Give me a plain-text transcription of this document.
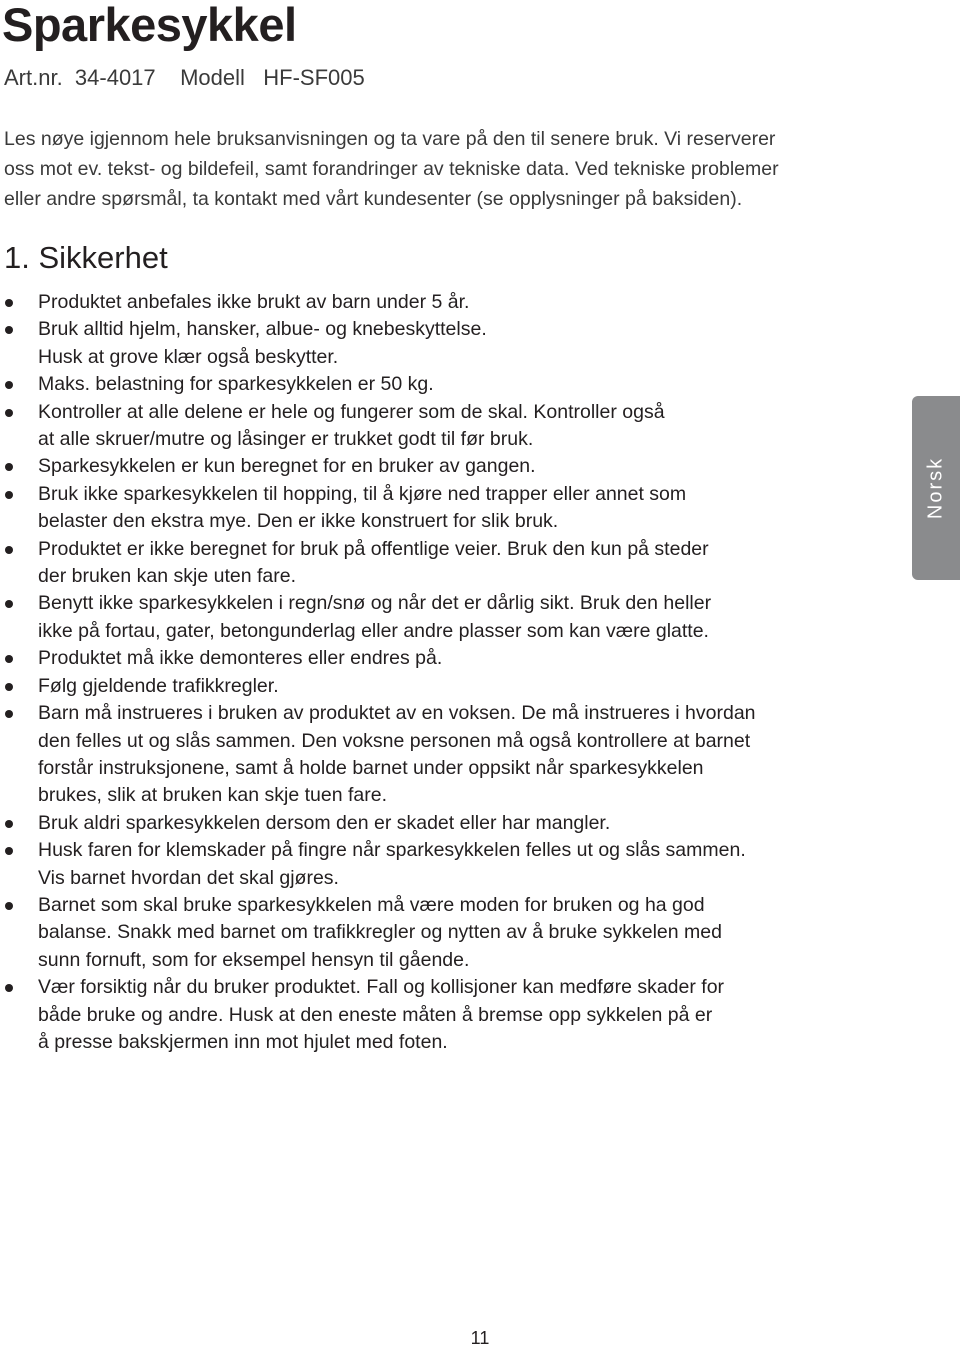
Sparkesykkel
Art.nr.  34-4017    Modell   HF-SF005

Les nøye igjennom hele bruksanvisningen og ta vare på den til senere bruk. Vi reserverer
oss mot ev. tekst- og bildefeil, samt forandringer av tekniske data. Ved tekniske problemer
eller andre spørsmål, ta kontakt med vårt kundesenter (se opplysninger på baksiden).

1. Sikkerhet
Produktet anbefales ikke brukt av barn under 5 år.
Bruk alltid hjelm, hansker, albue- og knebeskyttelse.
Husk at grove klær også beskytter.
Maks. belastning for sparkesykkelen er 50 kg.
Kontroller at alle delene er hele og fungerer som de skal. Kontroller også
at alle skruer/mutre og låsinger er trukket godt til før bruk.
Sparkesykkelen er kun beregnet for en bruker av gangen.
Bruk ikke sparkesykkelen til hopping, til å kjøre ned trapper eller annet som
belaster den ekstra mye. Den er ikke konstruert for slik bruk.
Produktet er ikke beregnet for bruk på offentlige veier. Bruk den kun på steder
der bruken kan skje uten fare.
Benytt ikke sparkesykkelen i regn/snø og når det er dårlig sikt. Bruk den heller
ikke på fortau, gater, betongunderlag eller andre plasser som kan være glatte.
Produktet må ikke demonteres eller endres på.
Følg gjeldende trafikkregler.
Barn må instrueres i bruken av produktet av en voksen. De må instrueres i hvordan
den felles ut og slås sammen. Den voksne personen må også kontrollere at barnet
forstår instruksjonene, samt å holde barnet under oppsikt når sparkesykkelen
brukes, slik at bruken kan skje tuen fare.
Bruk aldri sparkesykkelen dersom den er skadet eller har mangler.
Husk faren for klemskader på fingre når sparkesykkelen felles ut og slås sammen.
Vis barnet hvordan det skal gjøres.
Barnet som skal bruke sparkesykkelen må være moden for bruken og ha god
balanse. Snakk med barnet om trafikkregler og nytten av å bruke sykkelen med
sunn fornuft, som for eksempel hensyn til gående.
Vær forsiktig når du bruker produktet. Fall og kollisjoner kan medføre skader for
både bruke og andre. Husk at den eneste måten å bremse opp sykkelen på er
å presse bakskjermen inn mot hjulet med foten.
Norsk
11
